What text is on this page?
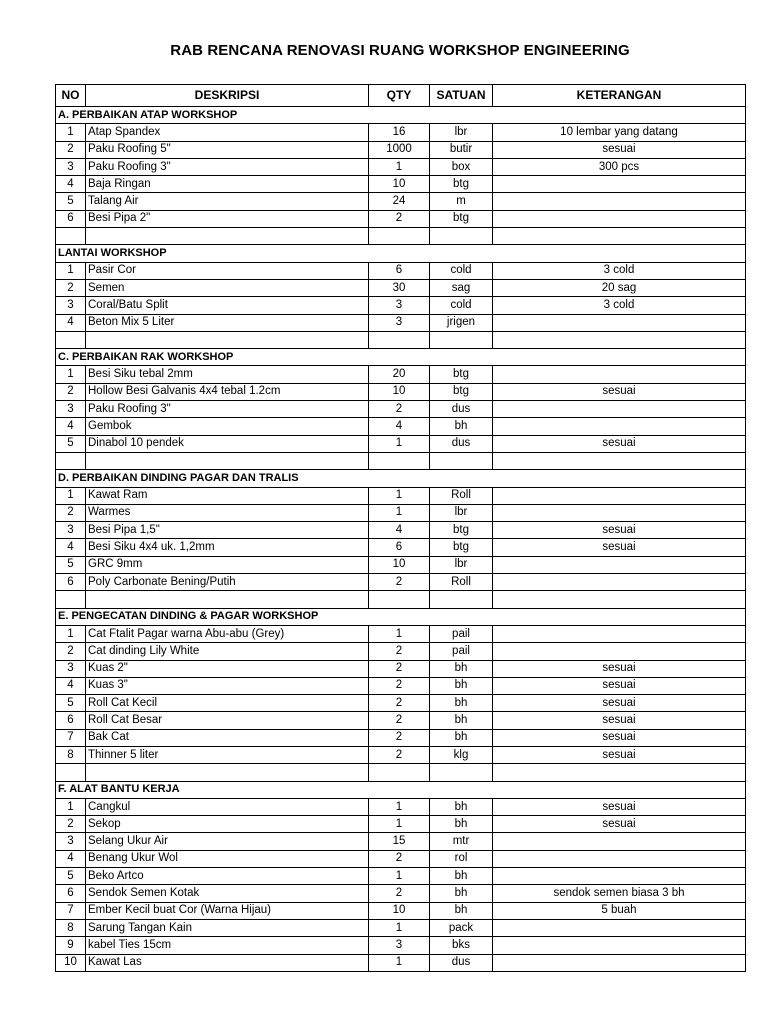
RAB RENCANA RENOVASI RUANG WORKSHOP ENGINEERING
NO	DESKRIPSI	QTY	SATUAN	KETERANGAN
A. PERBAIKAN ATAP WORKSHOP				
1	Atap Spandex	16	lbr	10 lembar yang datang
2	Paku Roofing 5"	1000	butir	sesuai
3	Paku Roofing 3"	1	box	300 pcs
4	Baja Ringan	10	btg	
5	Talang Air	24	m	
6	Besi Pipa 2"	2	btg	

LANTAI WORKSHOP				
1	Pasir Cor	6	cold	3 cold
2	Semen	30	sag	20 sag
3	Coral/Batu Split	3	cold	3 cold
4	Beton Mix 5 Liter	3	jrigen	

C. PERBAIKAN RAK WORKSHOP				
1	Besi Siku tebal 2mm	20	btg	
2	Hollow Besi Galvanis 4x4 tebal 1.2cm	10	btg	sesuai
3	Paku Roofing 3"	2	dus	
4	Gembok	4	bh	
5	Dinabol 10 pendek	1	dus	sesuai

D. PERBAIKAN DINDING PAGAR DAN TRALIS				
1	Kawat Ram	1	Roll	
2	Warmes	1	lbr	
3	Besi Pipa 1,5"	4	btg	sesuai
4	Besi Siku 4x4 uk. 1,2mm	6	btg	sesuai
5	GRC 9mm	10	lbr	
6	Poly Carbonate Bening/Putih	2	Roll	

E. PENGECATAN DINDING & PAGAR WORKSHOP				
1	Cat Ftalit Pagar warna Abu-abu (Grey)	1	pail	
2	Cat dinding Lily White	2	pail	
3	Kuas 2"	2	bh	sesuai
4	Kuas 3"	2	bh	sesuai
5	Roll Cat Kecil	2	bh	sesuai
6	Roll Cat Besar	2	bh	sesuai
7	Bak Cat	2	bh	sesuai
8	Thinner 5 liter	2	klg	sesuai

F. ALAT BANTU KERJA				
1	Cangkul	1	bh	sesuai
2	Sekop	1	bh	sesuai
3	Selang Ukur Air	15	mtr	
4	Benang Ukur Wol	2	rol	
5	Beko Artco	1	bh	
6	Sendok Semen Kotak	2	bh	sendok semen biasa 3 bh
7	Ember Kecil buat Cor (Warna Hijau)	10	bh	5 buah
8	Sarung Tangan Kain	1	pack	
9	kabel Ties 15cm	3	bks	
10	Kawat Las	1	dus	
